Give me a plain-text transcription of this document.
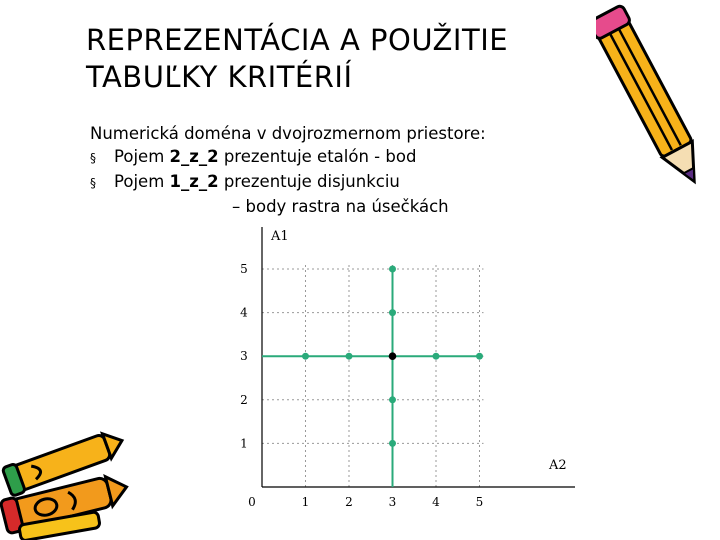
REPREZENTÁCIA A POUŽITIE
TABUĽKY KRITÉRIÍ
Numerická doména v dvojrozmernom priestore:
§ Pojem 2_z_2 prezentuje etalón - bod
§ Pojem 1_z_2 prezentuje disjunkciu
– body rastra na úsečkách
1	2	3	4	5
1
2
3
4
5
0
A1
A2
